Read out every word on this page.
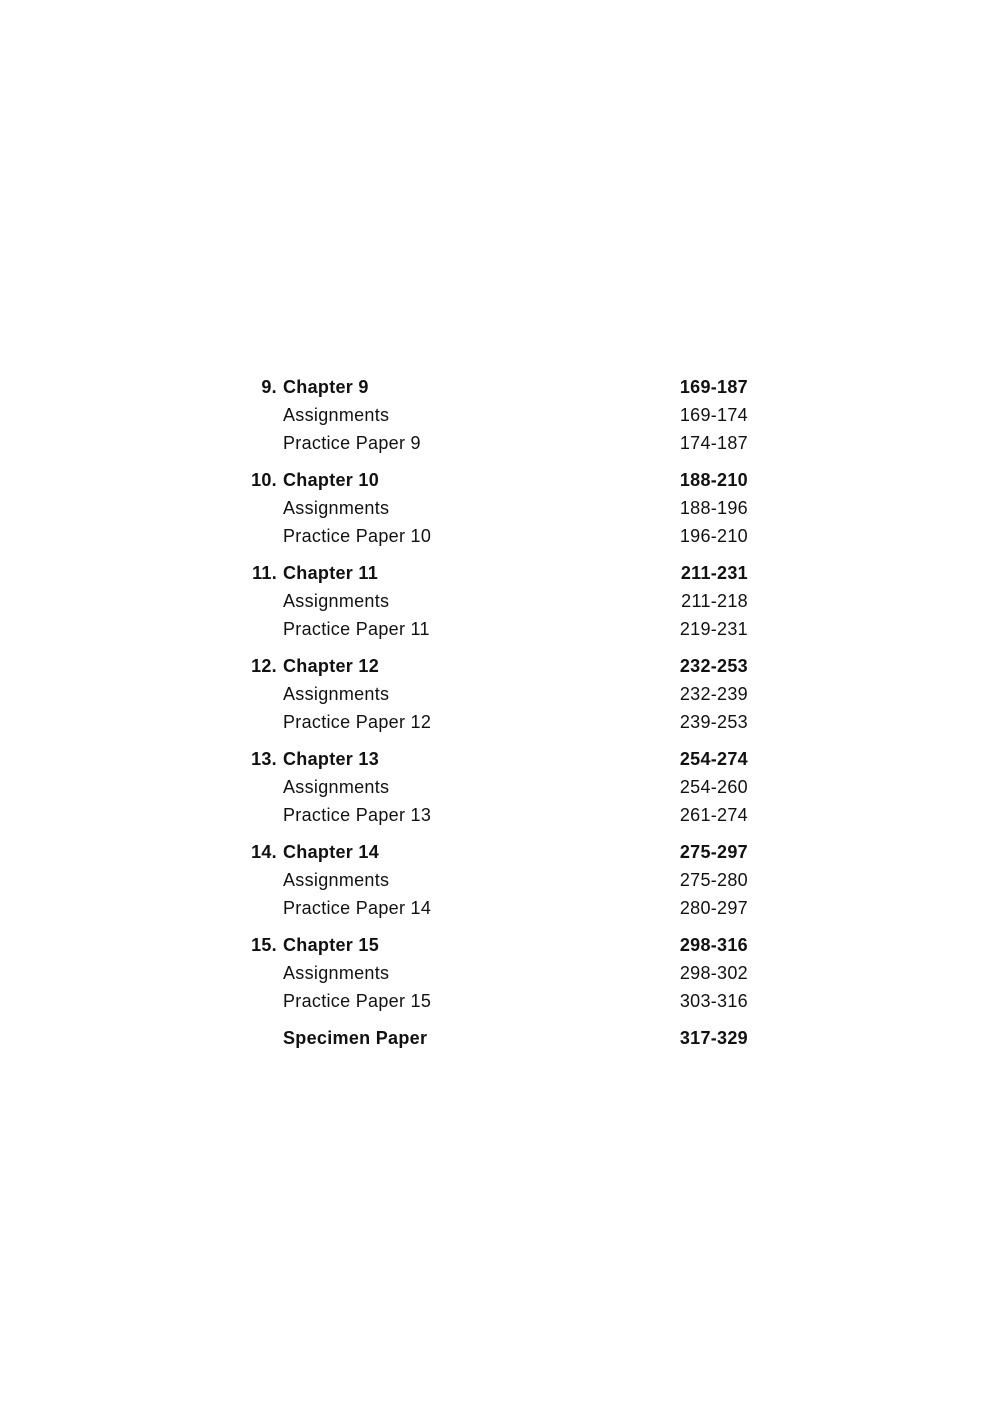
9. Chapter 9	169-187
Assignments	169-174
Practice Paper 9	174-187
10. Chapter 10	188-210
Assignments	188-196
Practice Paper 10	196-210
11. Chapter 11	211-231
Assignments	211-218
Practice Paper 11	219-231
12. Chapter 12	232-253
Assignments	232-239
Practice Paper 12	239-253
13. Chapter 13	254-274
Assignments	254-260
Practice Paper 13	261-274
14. Chapter 14	275-297
Assignments	275-280
Practice Paper 14	280-297
15. Chapter 15	298-316
Assignments	298-302
Practice Paper 15	303-316
Specimen Paper	317-329
